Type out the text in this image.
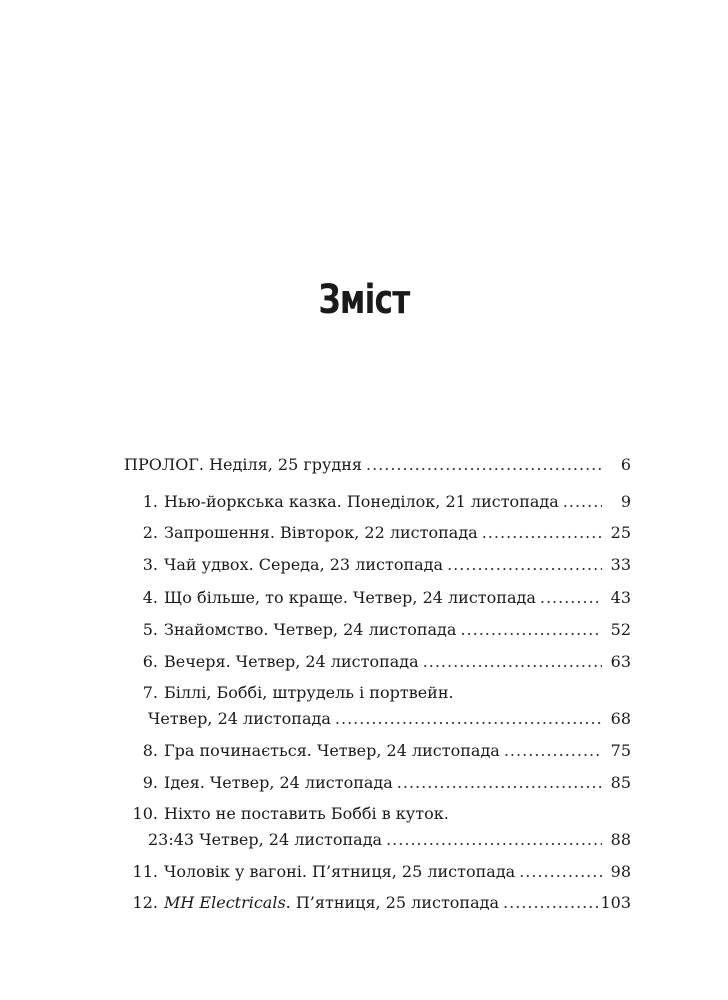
Зміст
ПРОЛОГ. Неділя, 25 грудня .....	6
1. Нью-йоркська казка. Понеділок, 21 листопада .....	9
2. Запрошення. Вівторок, 22 листопада .....	25
3. Чай удвох. Середа, 23 листопада .....	33
4. Що більше, то краще. Четвер, 24 листопада .....	43
5. Знайомство. Четвер, 24 листопада .....	52
6. Вечеря. Четвер, 24 листопада .....	63
7. Біллі, Боббі, штрудель і портвейн.
Четвер, 24 листопада .....	68
8. Гра починається. Четвер, 24 листопада .....	75
9. Ідея. Четвер, 24 листопада .....	85
10. Ніхто не поставить Боббі в куток.
23:43 Четвер, 24 листопада .....	88
11. Чоловік у вагоні. П’ятниця, 25 листопада .....	98
12. MH Electricals. П’ятниця, 25 листопада .....	103
